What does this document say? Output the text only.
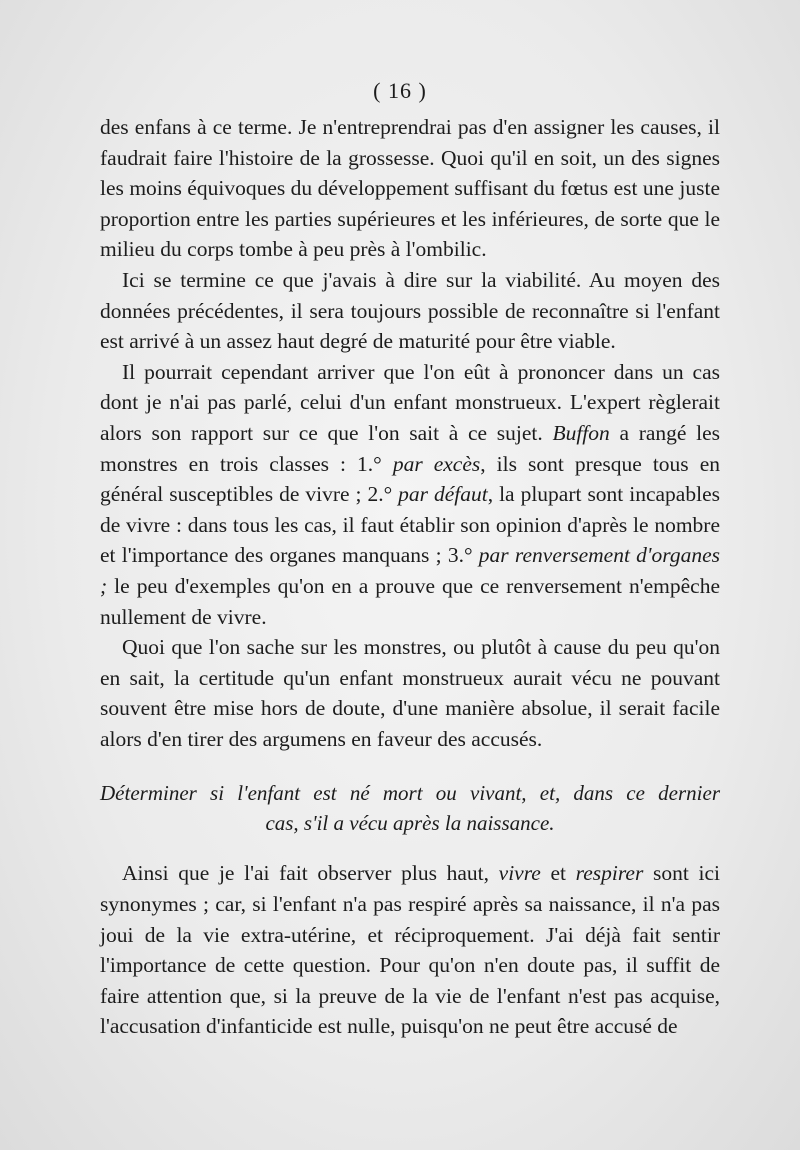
( 16 )

des enfans à ce terme. Je n'entreprendrai pas d'en assigner les causes, il faudrait faire l'histoire de la grossesse. Quoi qu'il en soit, un des signes les moins équivoques du développement suffisant du fœtus est une juste proportion entre les parties supérieures et les inférieures, de sorte que le milieu du corps tombe à peu près à l'ombilic.

Ici se termine ce que j'avais à dire sur la viabilité. Au moyen des données précédentes, il sera toujours possible de reconnaître si l'enfant est arrivé à un assez haut degré de maturité pour être viable.

Il pourrait cependant arriver que l'on eût à prononcer dans un cas dont je n'ai pas parlé, celui d'un enfant monstrueux. L'expert règlerait alors son rapport sur ce que l'on sait à ce sujet. Buffon a rangé les monstres en trois classes : 1.° par excès, ils sont presque tous en général susceptibles de vivre ; 2.° par défaut, la plupart sont incapables de vivre : dans tous les cas, il faut établir son opinion d'après le nombre et l'importance des organes manquans ; 3.° par renversement d'organes ; le peu d'exemples qu'on en a prouve que ce renversement n'empêche nullement de vivre.

Quoi que l'on sache sur les monstres, ou plutôt à cause du peu qu'on en sait, la certitude qu'un enfant monstrueux aurait vécu ne pouvant souvent être mise hors de doute, d'une manière absolue, il serait facile alors d'en tirer des argumens en faveur des accusés.

Déterminer si l'enfant est né mort ou vivant, et, dans ce dernier
cas, s'il a vécu après la naissance.

Ainsi que je l'ai fait observer plus haut, vivre et respirer sont ici synonymes ; car, si l'enfant n'a pas respiré après sa naissance, il n'a pas joui de la vie extra-utérine, et réciproquement. J'ai déjà fait sentir l'importance de cette question. Pour qu'on n'en doute pas, il suffit de faire attention que, si la preuve de la vie de l'enfant n'est pas acquise, l'accusation d'infanticide est nulle, puisqu'on ne peut être accusé de
